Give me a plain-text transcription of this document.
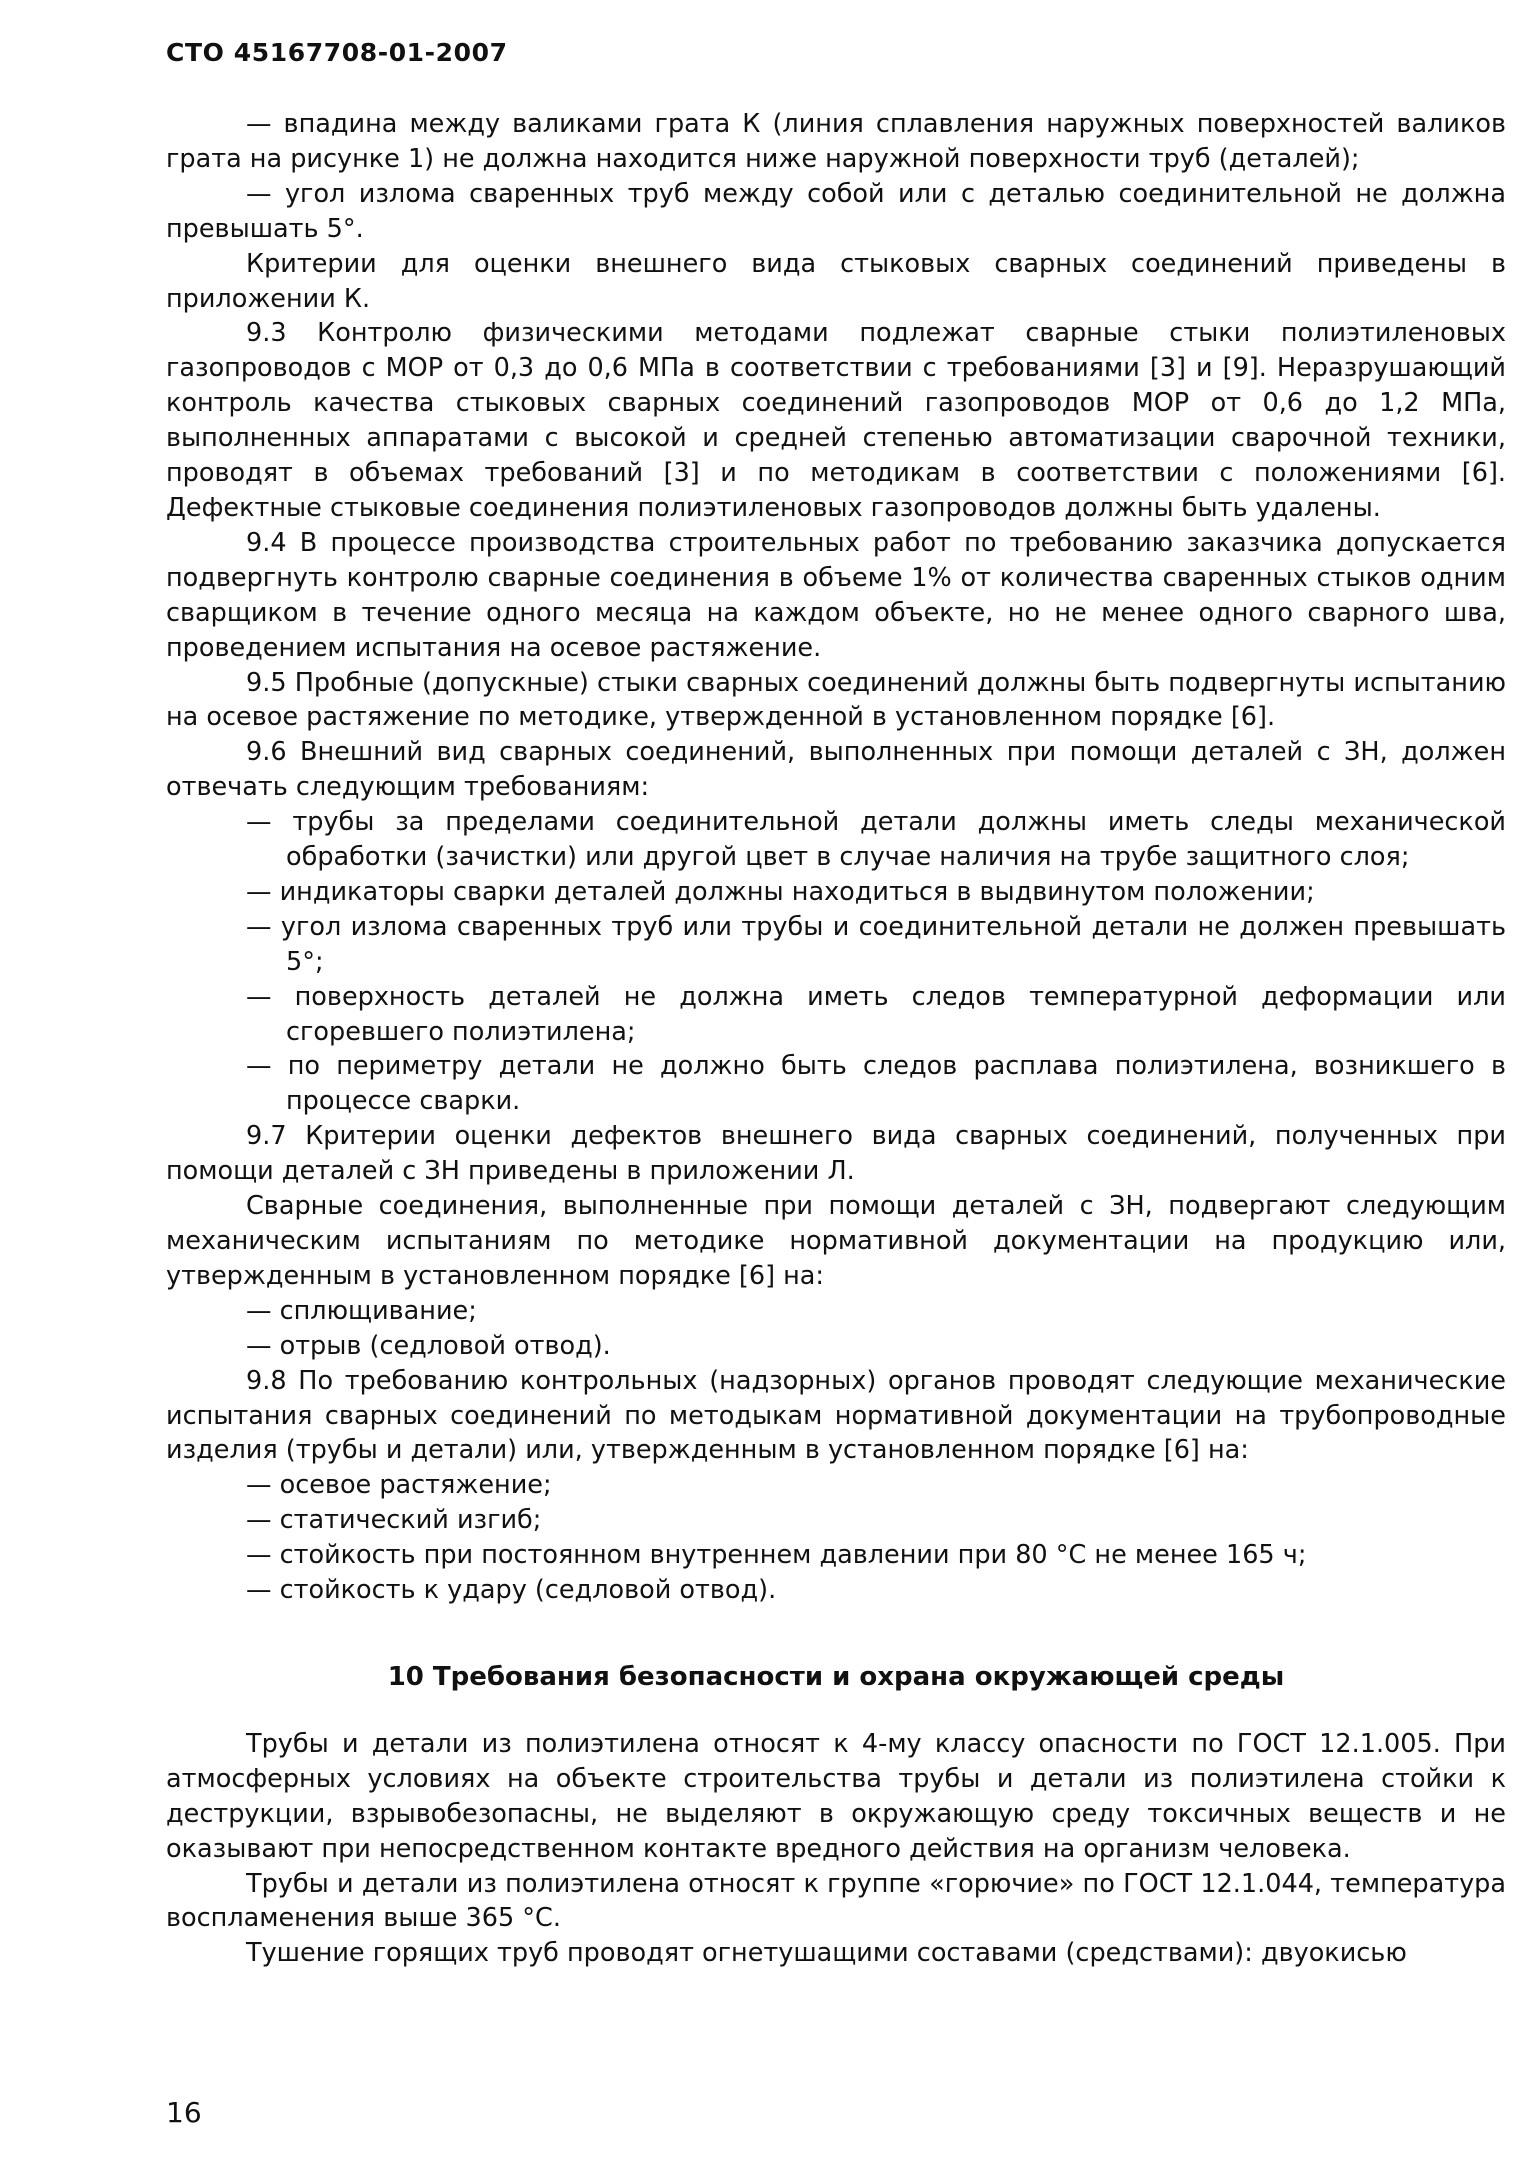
СТО 45167708-01-2007

— впадина между валиками грата К (линия сплавления наружных поверхностей валиков грата на рисунке 1) не должна находится ниже наружной поверхности труб (деталей);

— угол излома сваренных труб между собой или с деталью соединительной не должна превышать 5°.

Критерии для оценки внешнего вида стыковых сварных соединений приведены в приложении К.

9.3 Контролю физическими методами подлежат сварные стыки полиэтиленовых газопроводов с МОР от 0,3 до 0,6 МПа в соответствии с требованиями [3] и [9]. Неразрушающий контроль качества стыковых сварных соединений газопроводов МОР от 0,6 до 1,2 МПа, выполненных аппаратами с высокой и средней степенью автоматизации сварочной техники, проводят в объемах требований [3] и по методикам в соответствии с положениями [6]. Дефектные стыковые соединения полиэтиленовых газопроводов должны быть удалены.

9.4 В процессе производства строительных работ по требованию заказчика допускается подвергнуть контролю сварные соединения в объеме 1% от количества сваренных стыков одним сварщиком в течение одного месяца на каждом объекте, но не менее одного сварного шва, проведением испытания на осевое растяжение.

9.5 Пробные (допускные) стыки сварных соединений должны быть подвергнуты испытанию на осевое растяжение по методике, утвержденной в установленном порядке [6].

9.6 Внешний вид сварных соединений, выполненных при помощи деталей с ЗН, должен отвечать следующим требованиям:

— трубы за пределами соединительной детали должны иметь следы механической обработки (зачистки) или другой цвет в случае наличия на трубе защитного слоя;

— индикаторы сварки деталей должны находиться в выдвинутом положении;

— угол излома сваренных труб или трубы и соединительной детали не должен превышать 5°;

— поверхность деталей не должна иметь следов температурной деформации или сгоревшего полиэтилена;

— по периметру детали не должно быть следов расплава полиэтилена, возникшего в процессе сварки.

9.7 Критерии оценки дефектов внешнего вида сварных соединений, полученных при помощи деталей с ЗН приведены в приложении Л.

Сварные соединения, выполненные при помощи деталей с ЗН, подвергают следующим механическим испытаниям по методике нормативной документации на продукцию или, утвержденным в установленном порядке [6] на:

— сплющивание;

— отрыв (седловой отвод).

9.8 По требованию контрольных (надзорных) органов проводят следующие механические испытания сварных соединений по методыкам нормативной документации на трубопроводные изделия (трубы и детали) или, утвержденным в установленном порядке [6] на:

— осевое растяжение;

— статический изгиб;

— стойкость при постоянном внутреннем давлении при 80 °С не менее 165 ч;

— стойкость к удару (седловой отвод).

10 Требования безопасности и охрана окружающей среды

Трубы и детали из полиэтилена относят к 4-му классу опасности по ГОСТ 12.1.005. При атмосферных условиях на объекте строительства трубы и детали из полиэтилена стойки к деструкции, взрывобезопасны, не выделяют в окружающую среду токсичных веществ и не оказывают при непосредственном контакте вредного действия на организм человека.

Трубы и детали из полиэтилена относят к группе «горючие» по ГОСТ 12.1.044, температура воспламенения выше 365 °С.

Тушение горящих труб проводят огнетушащими составами (средствами): двуокисью

16
